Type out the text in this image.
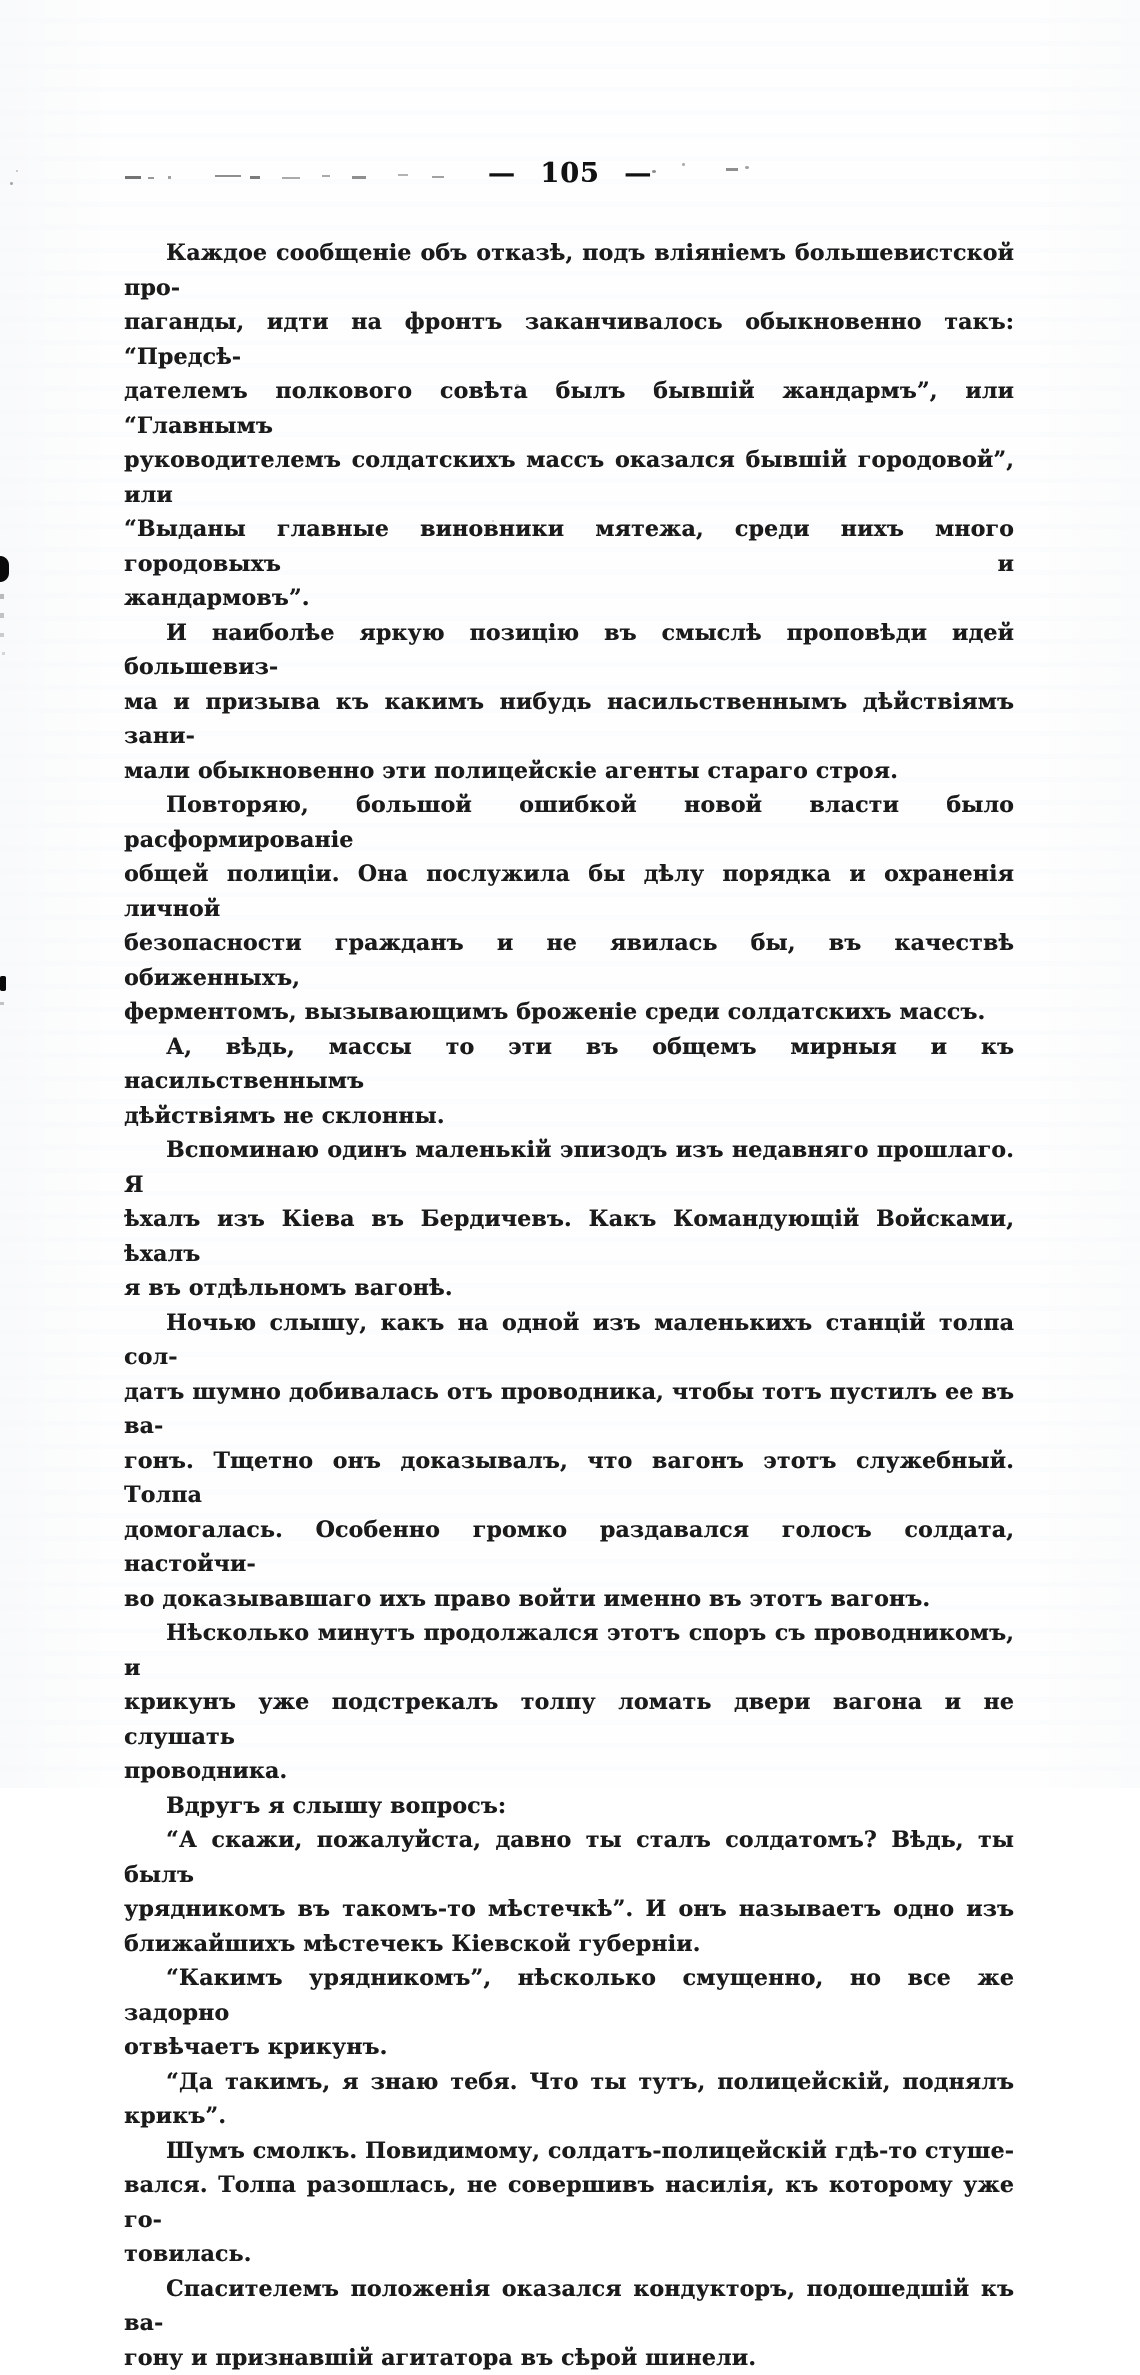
— 105 —
Каждое сообщеніе объ отказѣ, подъ вліяніемъ большевистской про-
паганды, идти на фронтъ заканчивалось обыкновенно такъ: “Предсѣ-
дателемъ полкового совѣта былъ бывшій жандармъ”, или “Главнымъ
руководителемъ солдатскихъ массъ оказался бывшій городовой”, или
“Выданы главные виновники мятежа, среди нихъ много городовыхъ и
жандармовъ”.
И наиболѣе яркую позицію въ смыслѣ проповѣди идей большевиз-
ма и призыва къ какимъ нибудь насильственнымъ дѣйствіямъ зани-
мали обыкновенно эти полицейскіе агенты стараго строя.
Повторяю, большой ошибкой новой власти было расформированіе
общей полиціи. Она послужила бы дѣлу порядка и охраненія личной
безопасности гражданъ и не явилась бы, въ качествѣ обиженныхъ,
ферментомъ, вызывающимъ броженіе среди солдатскихъ массъ.
А, вѣдь, массы то эти въ общемъ мирныя и къ насильственнымъ
дѣйствіямъ не склонны.
Вспоминаю одинъ маленькій эпизодъ изъ недавняго прошлаго. Я
ѣхалъ изъ Кіева въ Бердичевъ. Какъ Командующій Войсками, ѣхалъ
я въ отдѣльномъ вагонѣ.
Ночью слышу, какъ на одной изъ маленькихъ станцій толпа сол-
датъ шумно добивалась отъ проводника, чтобы тотъ пустилъ ее въ ва-
гонъ. Тщетно онъ доказывалъ, что вагонъ этотъ служебный. Толпа
домогалась. Особенно громко раздавался голосъ солдата, настойчи-
во доказывавшаго ихъ право войти именно въ этотъ вагонъ.
Нѣсколько минутъ продолжался этотъ споръ съ проводникомъ, и
крикунъ уже подстрекалъ толпу ломать двери вагона и не слушать
проводника.
Вдругъ я слышу вопросъ:
“А скажи, пожалуйста, давно ты сталъ солдатомъ? Вѣдь, ты былъ
урядникомъ въ такомъ-то мѣстечкѣ”. И онъ называетъ одно изъ
ближайшихъ мѣстечекъ Кіевской губерніи.
“Какимъ урядникомъ”, нѣсколько смущенно, но все же задорно
отвѣчаетъ крикунъ.
“Да такимъ, я знаю тебя. Что ты тутъ, полицейскій, поднялъ
крикъ”.
Шумъ смолкъ. Повидимому, солдатъ-полицейскій гдѣ-то стуше-
вался. Толпа разошлась, не совершивъ насилія, къ которому уже го-
товилась.
Спасителемъ положенія оказался кондукторъ, подошедшій къ ва-
гону и признавшій агитатора въ сѣрой шинели.
